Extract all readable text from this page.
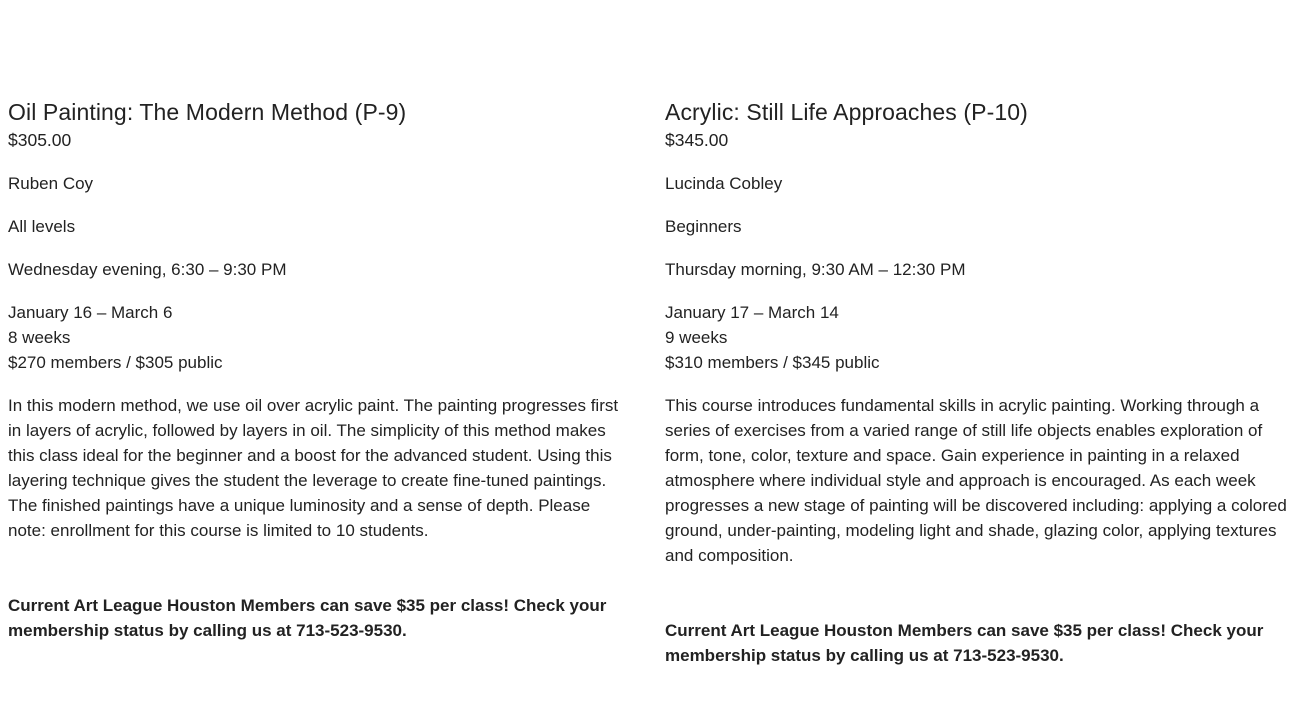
Oil Painting: The Modern Method (P-9)
$305.00
Ruben Coy
All levels
Wednesday evening, 6:30 – 9:30 PM
January 16 – March 6
8 weeks
$270 members / $305 public

In this modern method, we use oil over acrylic paint. The painting progresses first in layers of acrylic, followed by layers in oil. The simplicity of this method makes this class ideal for the beginner and a boost for the advanced student. Using this layering technique gives the student the leverage to create fine-tuned paintings. The finished paintings have a unique luminosity and a sense of depth. Please note: enrollment for this course is limited to 10 students.

Current Art League Houston Members can save $35 per class! Check your membership status by calling us at 713-523-9530.

Acrylic: Still Life Approaches (P-10)
$345.00
Lucinda Cobley
Beginners
Thursday morning, 9:30 AM – 12:30 PM
January 17 – March 14
9 weeks
$310 members / $345 public

This course introduces fundamental skills in acrylic painting. Working through a series of exercises from a varied range of still life objects enables exploration of form, tone, color, texture and space. Gain experience in painting in a relaxed atmosphere where individual style and approach is encouraged. As each week progresses a new stage of painting will be discovered including: applying a colored ground, under-painting, modeling light and shade, glazing color, applying textures and composition.

Current Art League Houston Members can save $35 per class! Check your membership status by calling us at 713-523-9530.
